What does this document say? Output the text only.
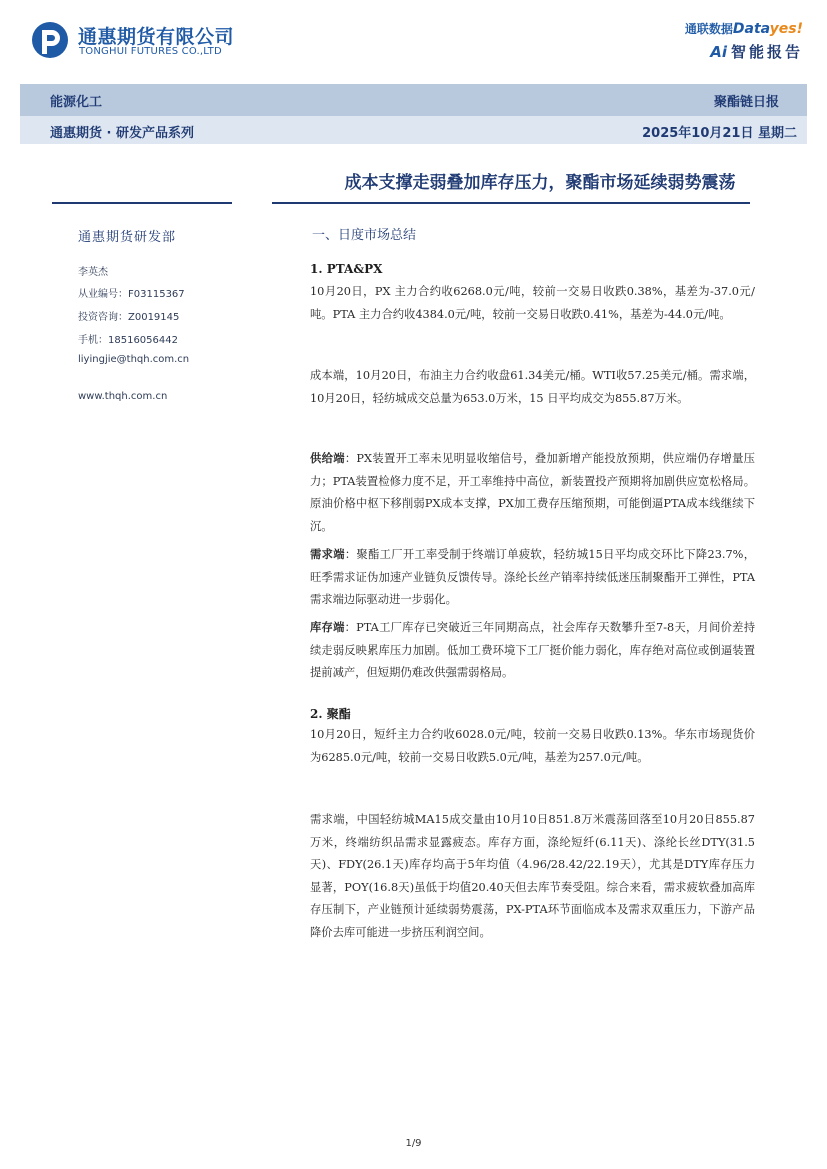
通惠期货有限公司
TONGHUI FUTURES CO.,LTD
通联数据Datayes!
Ai 智能报告
能源化工	聚酯链日报
通惠期货 · 研发产品系列	2025年10月21日 星期二
成本支撑走弱叠加库存压力，聚酯市场延续弱势震荡
通惠期货研发部
李英杰
从业编号：F03115367
投资咨询：Z0019145
手机：18516056442
liyingjie@thqh.com.cn
www.thqh.com.cn
一、日度市场总结
1. PTA&PX

10月20日，PX 主力合约收6268.0元/吨，较前一交易日收跌0.38%，基差为-37.0元/吨。PTA 主力合约收4384.0元/吨，较前一交易日收跌0.41%，基差为-44.0元/吨。

成本端，10月20日，布油主力合约收盘61.34美元/桶。WTI收57.25美元/桶。需求端，10月20日，轻纺城成交总量为653.0万米，15 日平均成交为855.87万米。

供给端：PX装置开工率未见明显收缩信号，叠加新增产能投放预期，供应端仍存增量压力；PTA装置检修力度不足，开工率维持中高位，新装置投产预期将加剧供应宽松格局。原油价格中枢下移削弱PX成本支撑，PX加工费存压缩预期，可能倒逼PTA成本线继续下沉。

需求端：聚酯工厂开工率受制于终端订单疲软，轻纺城15日平均成交环比下降23.7%，旺季需求证伪加速产业链负反馈传导。涤纶长丝产销率持续低迷压制聚酯开工弹性，PTA需求端边际驱动进一步弱化。

库存端：PTA工厂库存已突破近三年同期高点，社会库存天数攀升至7-8天，月间价差持续走弱反映累库压力加剧。低加工费环境下工厂挺价能力弱化，库存绝对高位或倒逼装置提前减产，但短期仍难改供强需弱格局。

2. 聚酯

10月20日，短纤主力合约收6028.0元/吨，较前一交易日收跌0.13%。华东市场现货价为6285.0元/吨，较前一交易日收跌5.0元/吨，基差为257.0元/吨。

需求端，中国轻纺城MA15成交量由10月10日851.8万米震荡回落至10月20日855.87万米，终端纺织品需求显露疲态。库存方面，涤纶短纤(6.11天)、涤纶长丝DTY(31.5天)、FDY(26.1天)库存均高于5年均值（4.96/28.42/22.19天），尤其是DTY库存压力显著，POY(16.8天)虽低于均值20.40天但去库节奏受阻。综合来看，需求疲软叠加高库存压制下，产业链预计延续弱势震荡，PX-PTA环节面临成本及需求双重压力，下游产品降价去库可能进一步挤压利润空间。

1/9
